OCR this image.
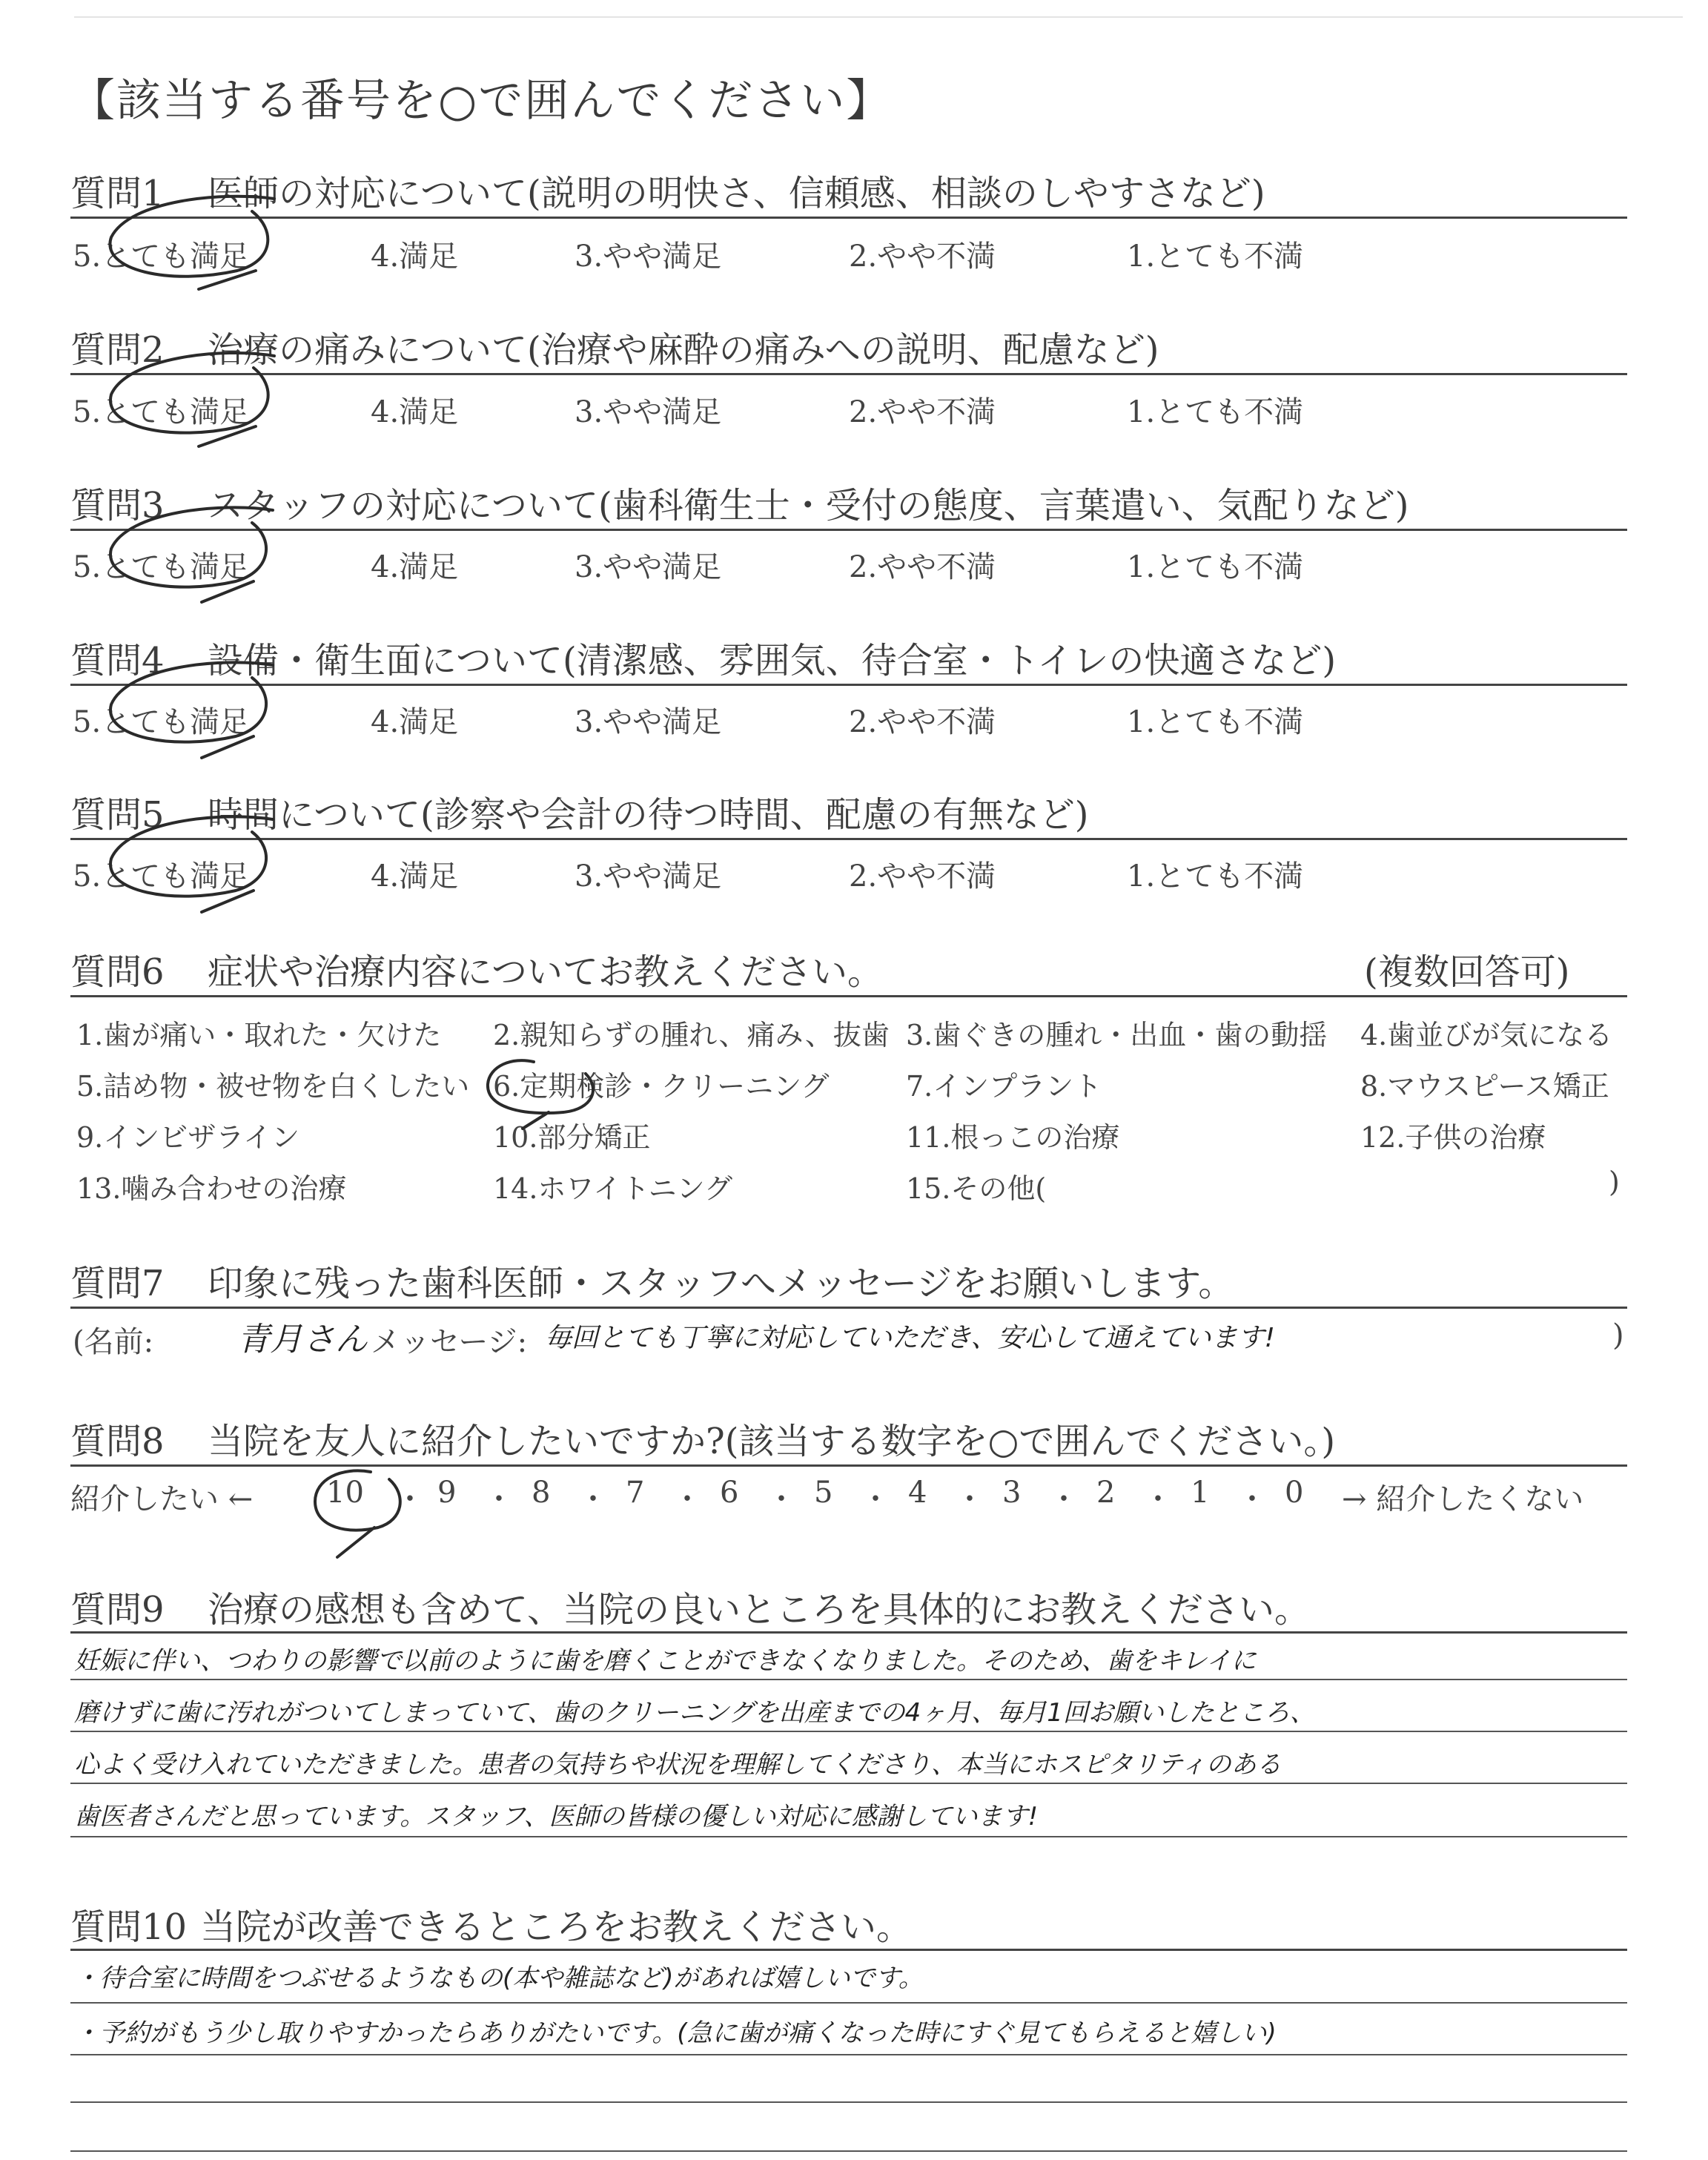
【該当する番号を○で囲んでください】
質問1 医師の対応について(説明の明快さ、信頼感、相談のしやすさなど)
5.とても満足	4.満足	3.やや満足	2.やや不満	1.とても不満
質問2 治療の痛みについて(治療や麻酔の痛みへの説明、配慮など)
5.とても満足	4.満足	3.やや満足	2.やや不満	1.とても不満
質問3 スタッフの対応について(歯科衛生士・受付の態度、言葉遣い、気配りなど)
5.とても満足	4.満足	3.やや満足	2.やや不満	1.とても不満
質問4 設備・衛生面について(清潔感、雰囲気、待合室・トイレの快適さなど)
5.とても満足	4.満足	3.やや満足	2.やや不満	1.とても不満
質問5 時間について(診察や会計の待つ時間、配慮の有無など)
5.とても満足	4.満足	3.やや満足	2.やや不満	1.とても不満
質問6 症状や治療内容についてお教えください。	(複数回答可)
1.歯が痛い・取れた・欠けた 2.親知らずの腫れ、痛み、抜歯 3.歯ぐきの腫れ・出血・歯の動揺 4.歯並びが気になる
5.詰め物・被せ物を白くしたい 6.定期検診・クリーニング	7.インプラント	8.マウスピース矯正
9.インビザライン	10.部分矯正	11.根っこの治療	12.子供の治療
13.噛み合わせの治療	14.ホワイトニング	15.その他(	)
質問7 印象に残った歯科医師・スタッフへメッセージをお願いします。
(名前:	青月さん メッセージ: 毎回とても丁寧に対応していただき、安心して通えています!	)
質問8 当院を友人に紹介したいですか?(該当する数字を○で囲んでください。)
紹介したい ← 10 ・ 9 ・ 8 ・ 7 ・ 6 ・ 5 ・ 4 ・ 3 ・ 2 ・ 1 ・ 0 → 紹介したくない
質問9 治療の感想も含めて、当院の良いところを具体的にお教えください。
妊娠に伴い、つわりの影響で以前のように歯を磨くことができなくなりました。そのため、歯をキレイに
磨けずに歯に汚れがついてしまっていて、歯のクリーニングを出産までの4ヶ月、毎月1回お願いしたところ、
心よく受け入れていただきました。患者の気持ちや状況を理解してくださり、本当にホスピタリティのある
歯医者さんだと思っています。スタッフ、医師の皆様の優しい対応に感謝しています!
質問10 当院が改善できるところをお教えください。
・待合室に時間をつぶせるようなもの(本や雑誌など)があれば嬉しいです。
・予約がもう少し取りやすかったらありがたいです。(急に歯が痛くなった時にすぐ見てもらえると嬉しい)
